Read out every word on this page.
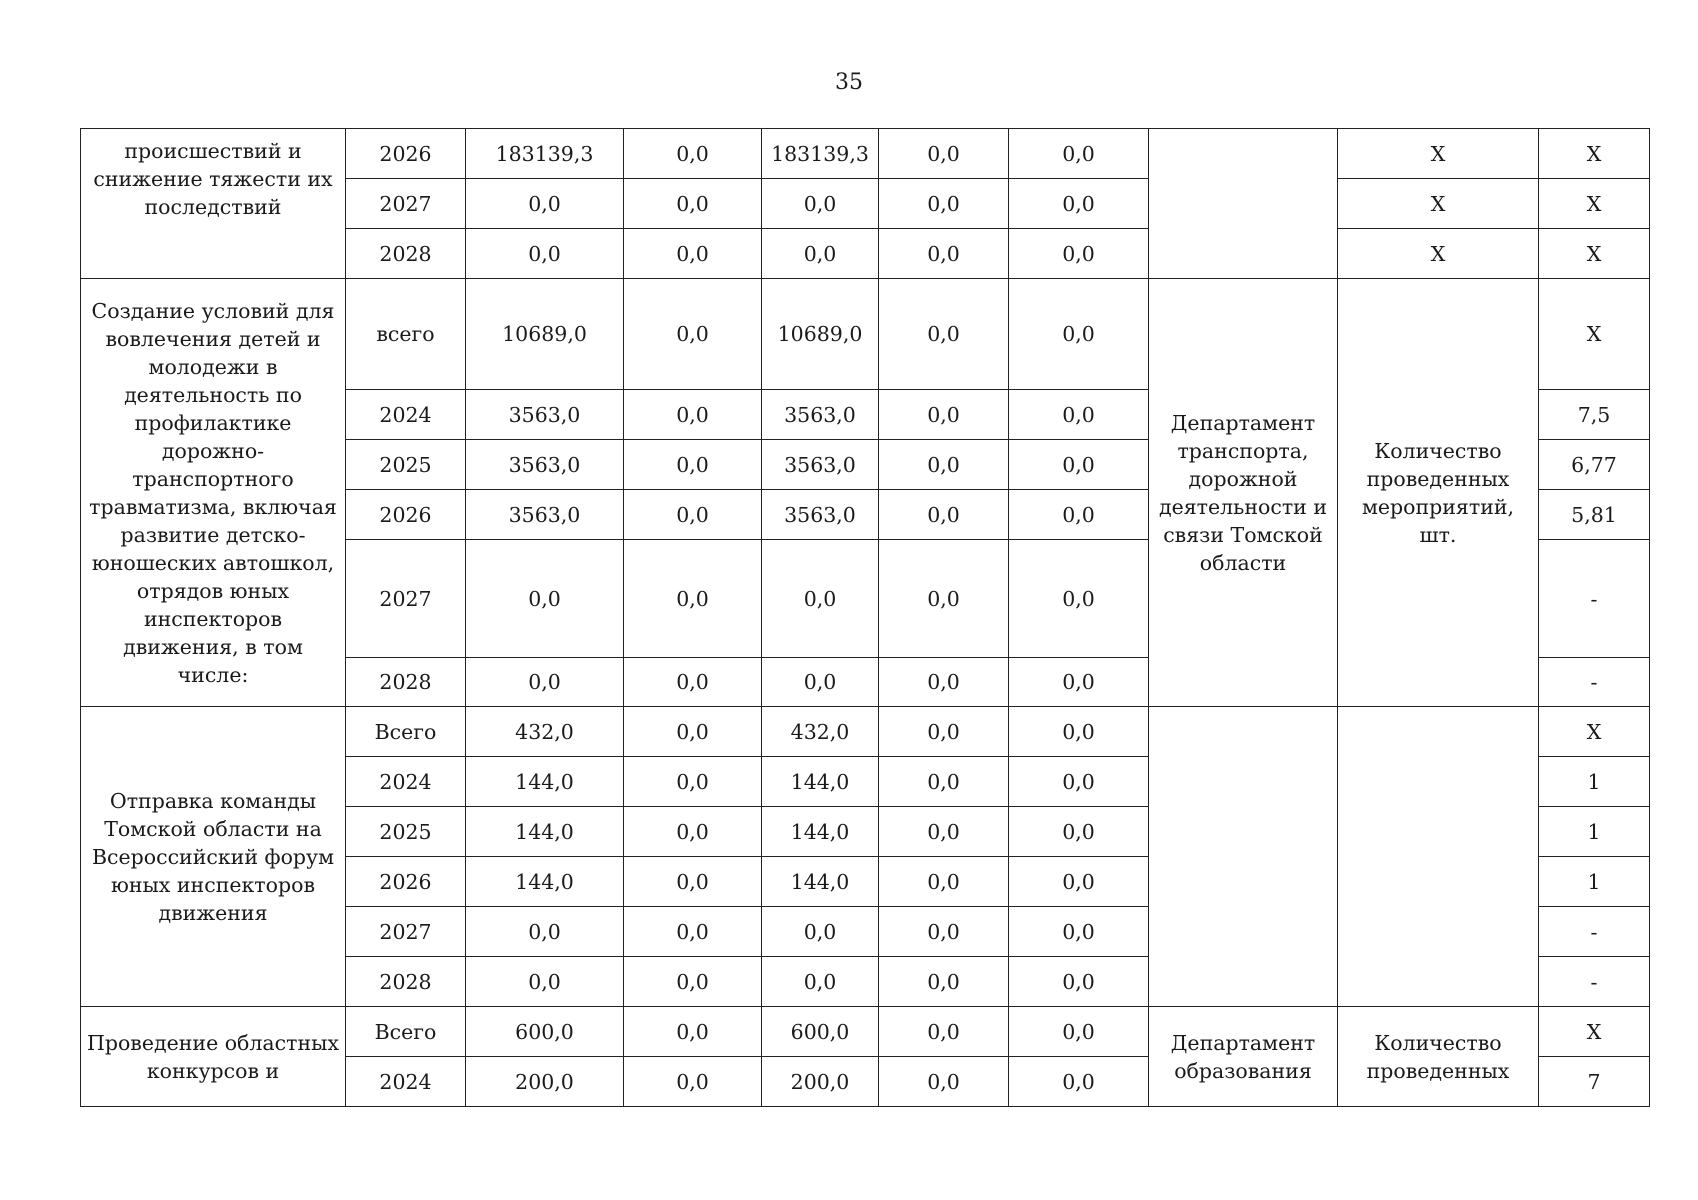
35
происшествий и снижение тяжести их последствий	2026	183139,3	0,0	183139,3	0,0	0,0		X	X
	2027	0,0	0,0	0,0	0,0	0,0		X	X
	2028	0,0	0,0	0,0	0,0	0,0		X	X
Создание условий для вовлечения детей и молодежи в деятельность по профилактике дорожно-транспортного травматизма, включая развитие детско-юношеских автошкол, отрядов юных инспекторов движения, в том числе:	всего	10689,0	0,0	10689,0	0,0	0,0	Департамент транспорта, дорожной деятельности и связи Томской области	Количество проведенных мероприятий, шт.	X
	2024	3563,0	0,0	3563,0	0,0	0,0			7,5
	2025	3563,0	0,0	3563,0	0,0	0,0			6,77
	2026	3563,0	0,0	3563,0	0,0	0,0			5,81
	2027	0,0	0,0	0,0	0,0	0,0			-
	2028	0,0	0,0	0,0	0,0	0,0			-
Отправка команды Томской области на Всероссийский форум юных инспекторов движения	Всего	432,0	0,0	432,0	0,0	0,0			X
	2024	144,0	0,0	144,0	0,0	0,0			1
	2025	144,0	0,0	144,0	0,0	0,0			1
	2026	144,0	0,0	144,0	0,0	0,0			1
	2027	0,0	0,0	0,0	0,0	0,0			-
	2028	0,0	0,0	0,0	0,0	0,0			-
Проведение областных конкурсов и	Всего	600,0	0,0	600,0	0,0	0,0	Департамент образования	Количество проведенных	X
	2024	200,0	0,0	200,0	0,0	0,0			7
